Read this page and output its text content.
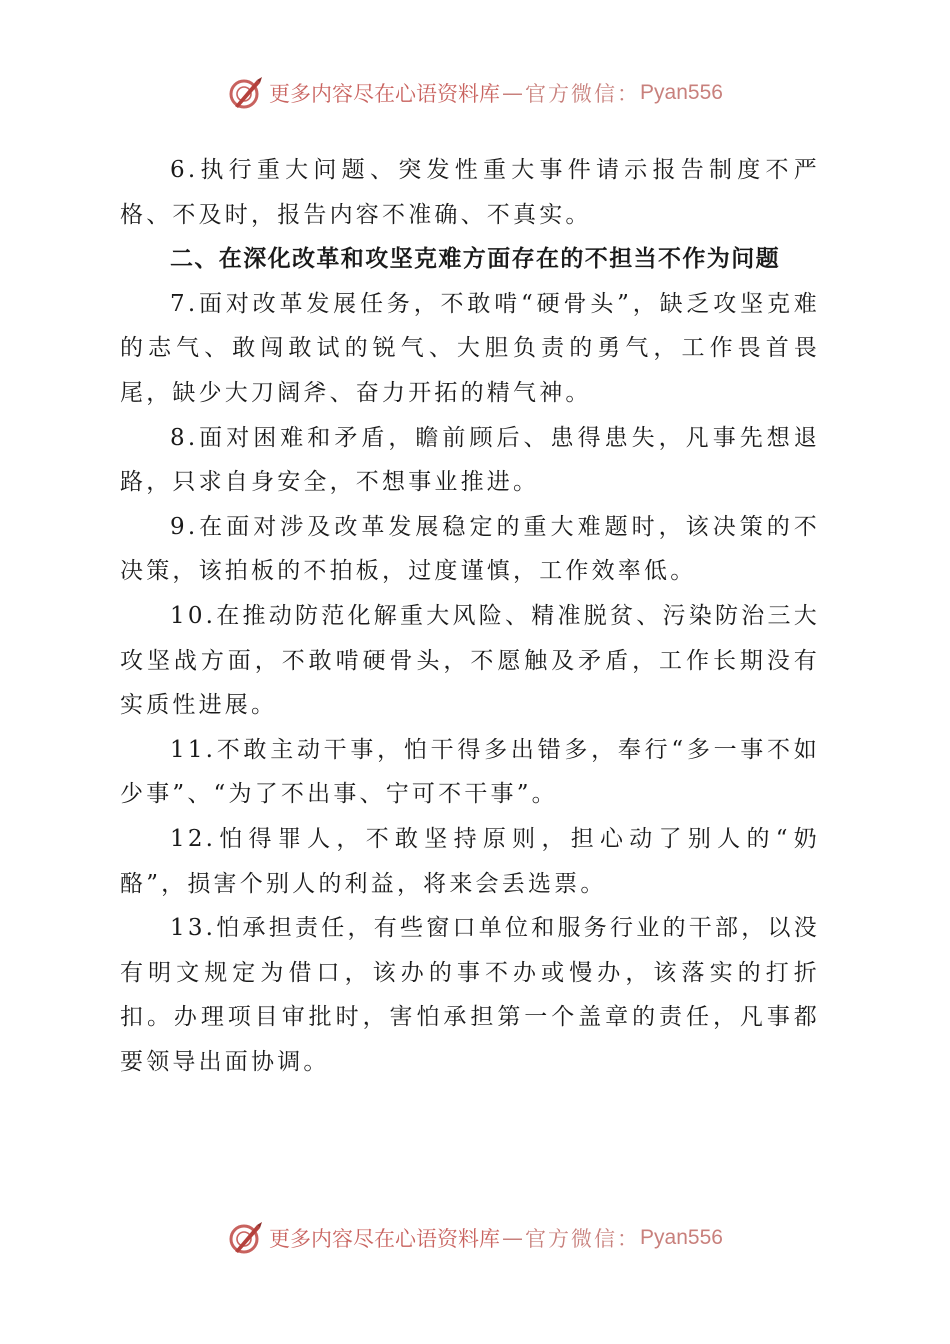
更多内容尽在心语资料库 — 官方微信： Pyan556

6.执行重大问题、突发性重大事件请示报告制度不严格、不及时，报告内容不准确、不真实。

二、在深化改革和攻坚克难方面存在的不担当不作为问题

7.面对改革发展任务，不敢啃“硬骨头”，缺乏攻坚克难的志气、敢闯敢试的锐气、大胆负责的勇气，工作畏首畏尾，缺少大刀阔斧、奋力开拓的精气神。

8.面对困难和矛盾，瞻前顾后、患得患失，凡事先想退路，只求自身安全，不想事业推进。

9.在面对涉及改革发展稳定的重大难题时，该决策的不决策，该拍板的不拍板，过度谨慎，工作效率低。

10.在推动防范化解重大风险、精准脱贫、污染防治三大攻坚战方面，不敢啃硬骨头，不愿触及矛盾，工作长期没有实质性进展。

11.不敢主动干事，怕干得多出错多，奉行“多一事不如少事”、“为了不出事、宁可不干事”。

12.怕得罪人，不敢坚持原则，担心动了别人的“奶酪”，损害个别人的利益，将来会丢选票。

13.怕承担责任，有些窗口单位和服务行业的干部，以没有明文规定为借口，该办的事不办或慢办，该落实的打折扣。办理项目审批时，害怕承担第一个盖章的责任，凡事都要领导出面协调。

更多内容尽在心语资料库 — 官方微信： Pyan556
